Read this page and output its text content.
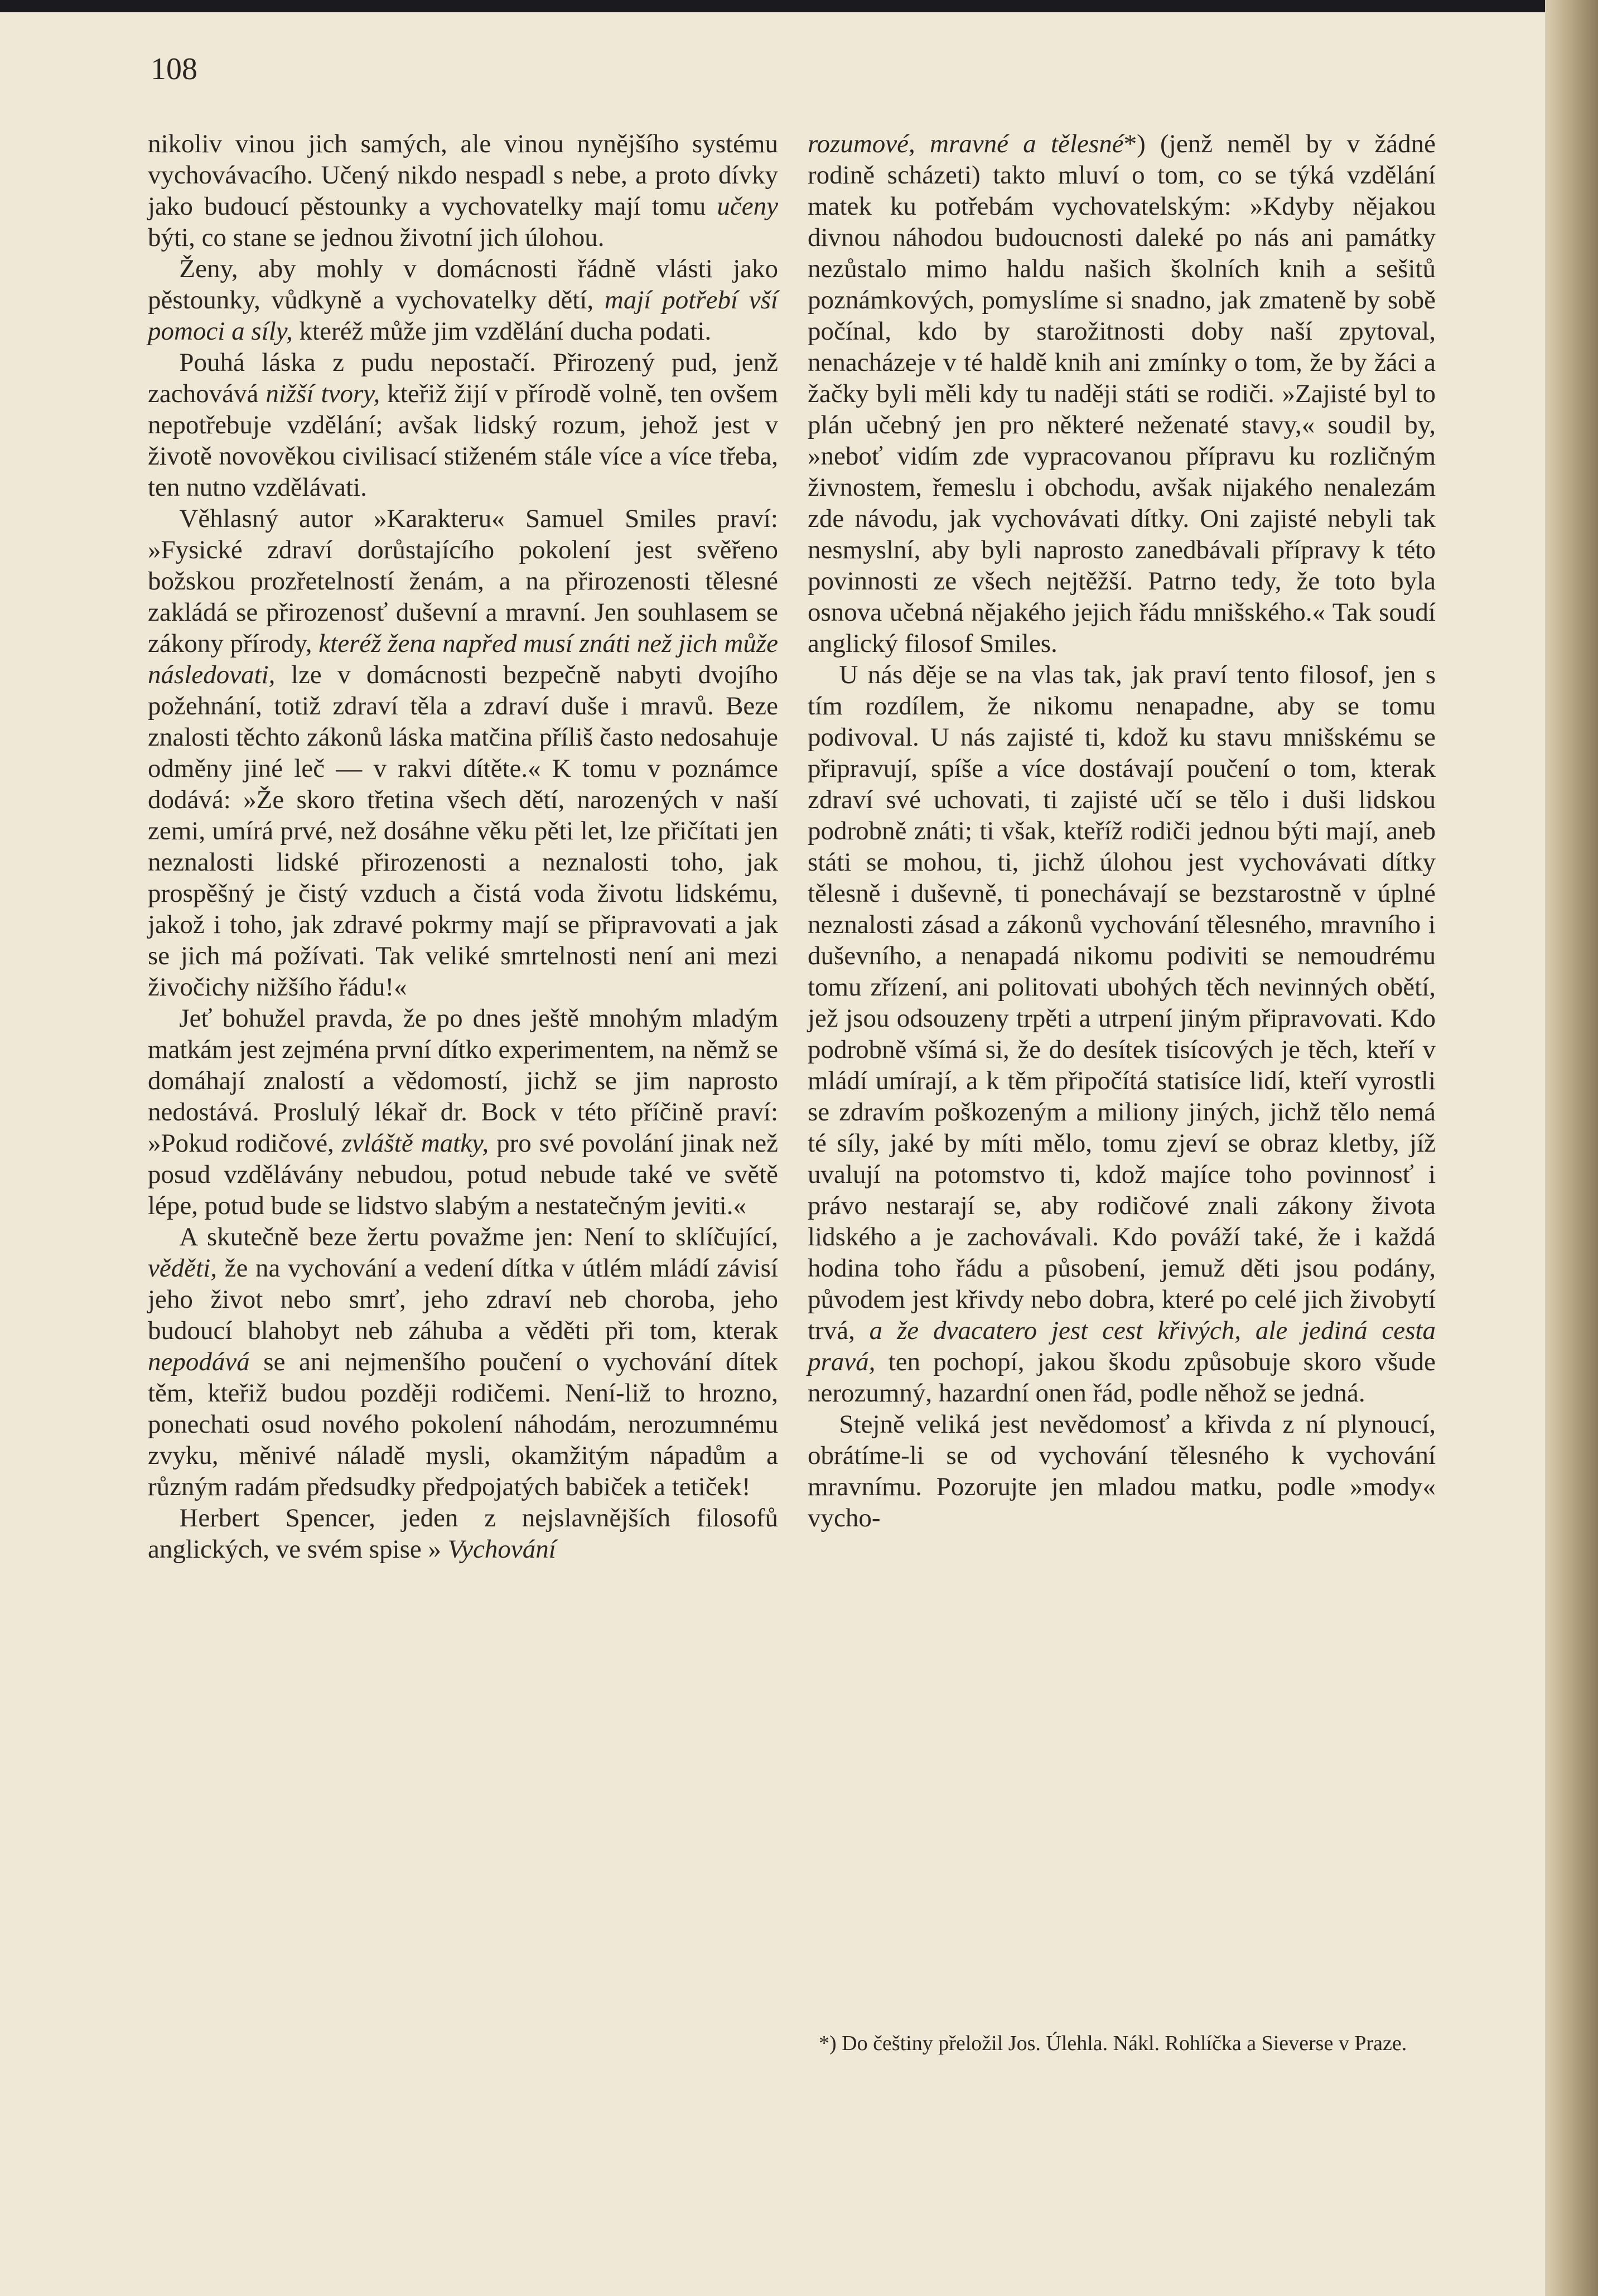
108

nikoliv vinou jich samých, ale vinou nynějšího systému vychovávacího. Učený nikdo nespadl s nebe, a proto dívky jako budoucí pěstounky a vychovatelky mají tomu učeny býti, co stane se jednou životní jich úlohou.

Ženy, aby mohly v domácnosti řádně vlásti jako pěstounky, vůdkyně a vychovatelky dětí, mají potřebí vší pomoci a síly, kteréž může jim vzdělání ducha podati.

Pouhá láska z pudu nepostačí. Přirozený pud, jenž zachovává nižší tvory, kteřiž žijí v přírodě volně, ten ovšem nepotřebuje vzdělání; avšak lidský rozum, jehož jest v životě novověkou civilisací stiženém stále více a více třeba, ten nutno vzdělávati.

Věhlasný autor »Karakteru« Samuel Smiles praví: »Fysické zdraví dorůstajícího pokolení jest svěřeno božskou prozřetelností ženám, a na přirozenosti tělesné zakládá se přirozenosť duševní a mravní. Jen souhlasem se zákony přírody, kteréž žena napřed musí znáti než jich může následovati, lze v domácnosti bezpečně nabyti dvojího požehnání, totiž zdraví těla a zdraví duše i mravů. Beze znalosti těchto zákonů láska matčina příliš často nedosahuje odměny jiné leč — v rakvi dítěte.« K tomu v poznámce dodává: »Že skoro třetina všech dětí, narozených v naší zemi, umírá prvé, než dosáhne věku pěti let, lze přičítati jen neznalosti lidské přirozenosti a neznalosti toho, jak prospěšný je čistý vzduch a čistá voda životu lidskému, jakož i toho, jak zdravé pokrmy mají se připravovati a jak se jich má požívati. Tak veliké smrtelnosti není ani mezi živočichy nižšího řádu!«

Jeť bohužel pravda, že po dnes ještě mnohým mladým matkám jest zejména první dítko experimentem, na němž se domáhají znalostí a vědomostí, jichž se jim naprosto nedostává. Proslulý lékař dr. Bock v této příčině praví: »Pokud rodičové, zvláště matky, pro své povolání jinak než posud vzdělávány nebudou, potud nebude také ve světě lépe, potud bude se lidstvo slabým a nestatečným jeviti.«

A skutečně beze žertu považme jen: Není to sklíčující, věděti, že na vychování a vedení dítka v útlém mládí závisí jeho život nebo smrť, jeho zdraví neb choroba, jeho budoucí blahobyt neb záhuba a věděti při tom, kterak nepodává se ani nejmenšího poučení o vychování dítek těm, kteřiž budou později rodičemi. Není-liž to hrozno, ponechati osud nového pokolení náhodám, nerozumnému zvyku, měnivé náladě mysli, okamžitým nápadům a různým radám předsudky předpojatých babiček a tetiček!

Herbert Spencer, jeden z nejslavnějších filosofů anglických, ve svém spise » Vychování

rozumové, mravné a tělesné*) (jenž neměl by v žádné rodině scházeti) takto mluví o tom, co se týká vzdělání matek ku potřebám vychovatelským: »Kdyby nějakou divnou náhodou budoucnosti daleké po nás ani památky nezůstalo mimo haldu našich školních knih a sešitů poznámkových, pomyslíme si snadno, jak zmateně by sobě počínal, kdo by starožitnosti doby naší zpytoval, nenacházeje v té haldě knih ani zmínky o tom, že by žáci a žačky byli měli kdy tu naději státi se rodiči. »Zajisté byl to plán učebný jen pro některé neženaté stavy,« soudil by, »neboť vidím zde vypracovanou přípravu ku rozličným živnostem, řemeslu i obchodu, avšak nijakého nenalezám zde návodu, jak vychovávati dítky. Oni zajisté nebyli tak nesmyslní, aby byli naprosto zanedbávali přípravy k této povinnosti ze všech nejtěžší. Patrno tedy, že toto byla osnova učebná nějakého jejich řádu mnišského.« Tak soudí anglický filosof Smiles.

U nás děje se na vlas tak, jak praví tento filosof, jen s tím rozdílem, že nikomu nenapadne, aby se tomu podivoval. U nás zajisté ti, kdož ku stavu mnišskému se připravují, spíše a více dostávají poučení o tom, kterak zdraví své uchovati, ti zajisté učí se tělo i duši lidskou podrobně znáti; ti však, kteříž rodiči jednou býti mají, aneb státi se mohou, ti, jichž úlohou jest vychovávati dítky tělesně i duševně, ti ponechávají se bezstarostně v úplné neznalosti zásad a zákonů vychování tělesného, mravního i duševního, a nenapadá nikomu podiviti se nemoudrému tomu zřízení, ani politovati ubohých těch nevinných obětí, jež jsou odsouzeny trpěti a utrpení jiným připravovati. Kdo podrobně všímá si, že do desítek tisícových je těch, kteří v mládí umírají, a k těm připočítá statisíce lidí, kteří vyrostli se zdravím poškozeným a miliony jiných, jichž tělo nemá té síly, jaké by míti mělo, tomu zjeví se obraz kletby, jíž uvalují na potomstvo ti, kdož majíce toho povinnosť i právo nestarají se, aby rodičové znali zákony života lidského a je zachovávali. Kdo pováží také, že i každá hodina toho řádu a působení, jemuž děti jsou podány, původem jest křivdy nebo dobra, které po celé jich živobytí trvá, a že dvacatero jest cest křivých, ale jediná cesta pravá, ten pochopí, jakou škodu způsobuje skoro všude nerozumný, hazardní onen řád, podle něhož se jedná.

Stejně veliká jest nevědomosť a křivda z ní plynoucí, obrátíme-li se od vychování tělesného k vychování mravnímu. Pozorujte jen mladou matku, podle »mody« vycho-

*) Do češtiny přeložil Jos. Úlehla. Nákl. Rohlíčka a Sieverse v Praze.
